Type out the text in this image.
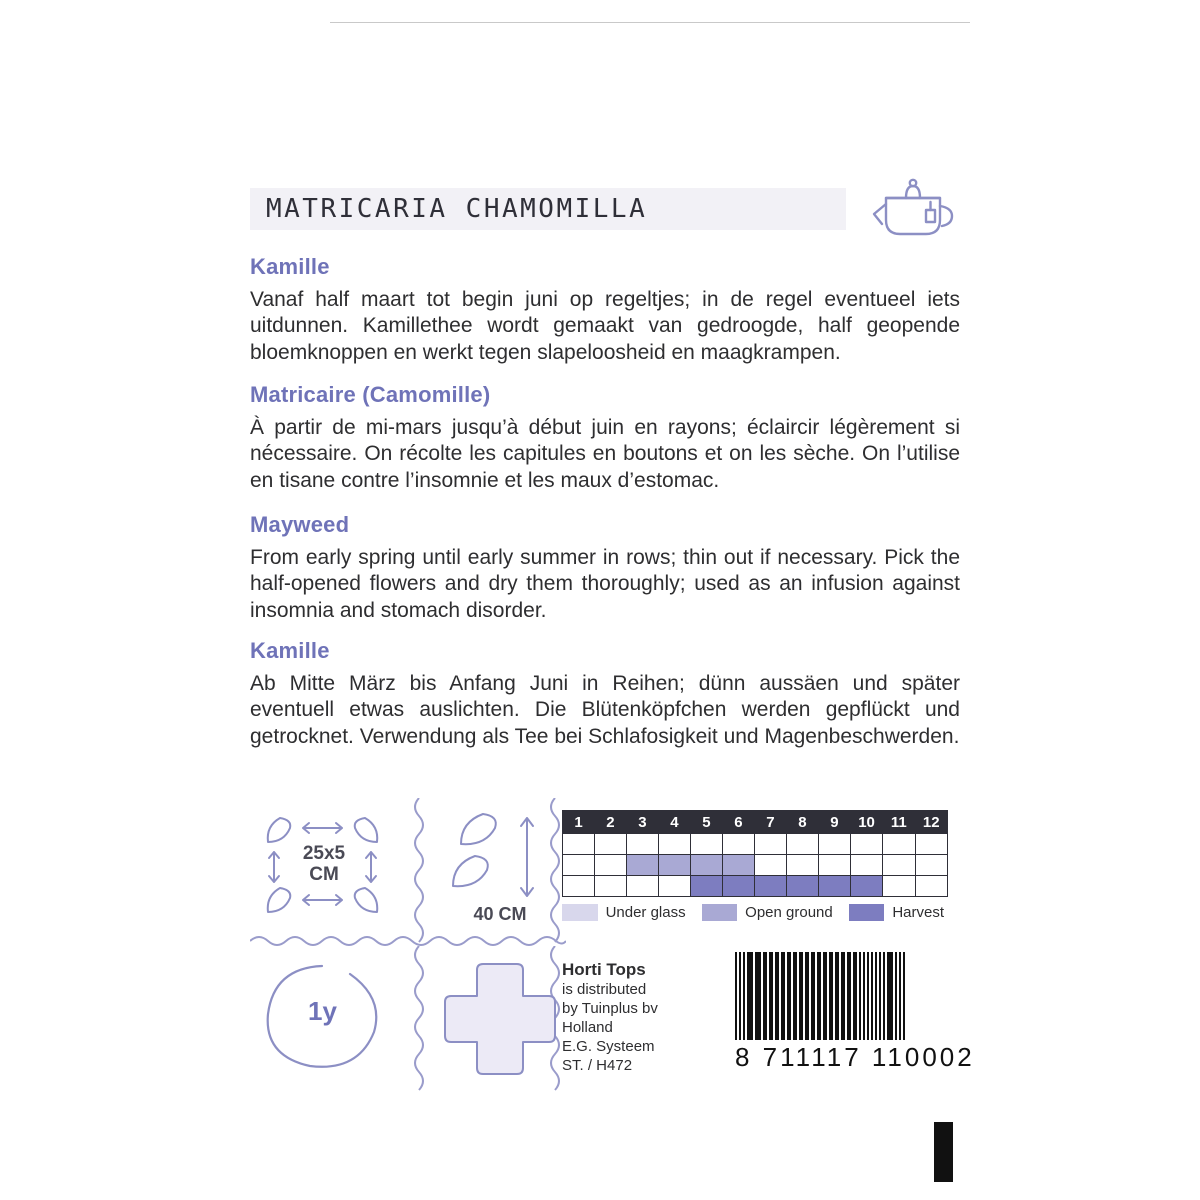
MATRICARIA CHAMOMILLA
Kamille

Vanaf half maart tot begin juni op regeltjes; in de regel eventueel iets uitdunnen. Kamillethee wordt gemaakt van gedroogde, half geopende bloemknoppen en werkt tegen slapeloosheid en maagkrampen.

Matricaire (Camomille)

À partir de mi-mars jusqu’à début juin en rayons; éclaircir légèrement si nécessaire. On récolte les capitules en boutons et on les sèche. On l’utilise en tisane contre l’insomnie et les maux d’estomac.

Mayweed

From early spring until early summer in rows; thin out if necessary. Pick the half-opened flowers and dry them thoroughly; used as an infusion against insomnia and stomach disorder.

Kamille

Ab Mitte März bis Anfang Juni in Reihen; dünn aussäen und später eventuell etwas auslichten. Die Blütenköpfchen werden gepflückt und getrocknet. Verwendung als Tee bei Schlafosigkeit und Magenbeschwerden.

25x5
CM
40 CM
1	2	3	4	5	6	7	8	9	10	11	12

Under glass	Open ground	Harvest
1y
Horti Tops
is distributed
by Tuinplus bv
Holland
E.G. Systeem
ST. / H472	8 711117 110002
